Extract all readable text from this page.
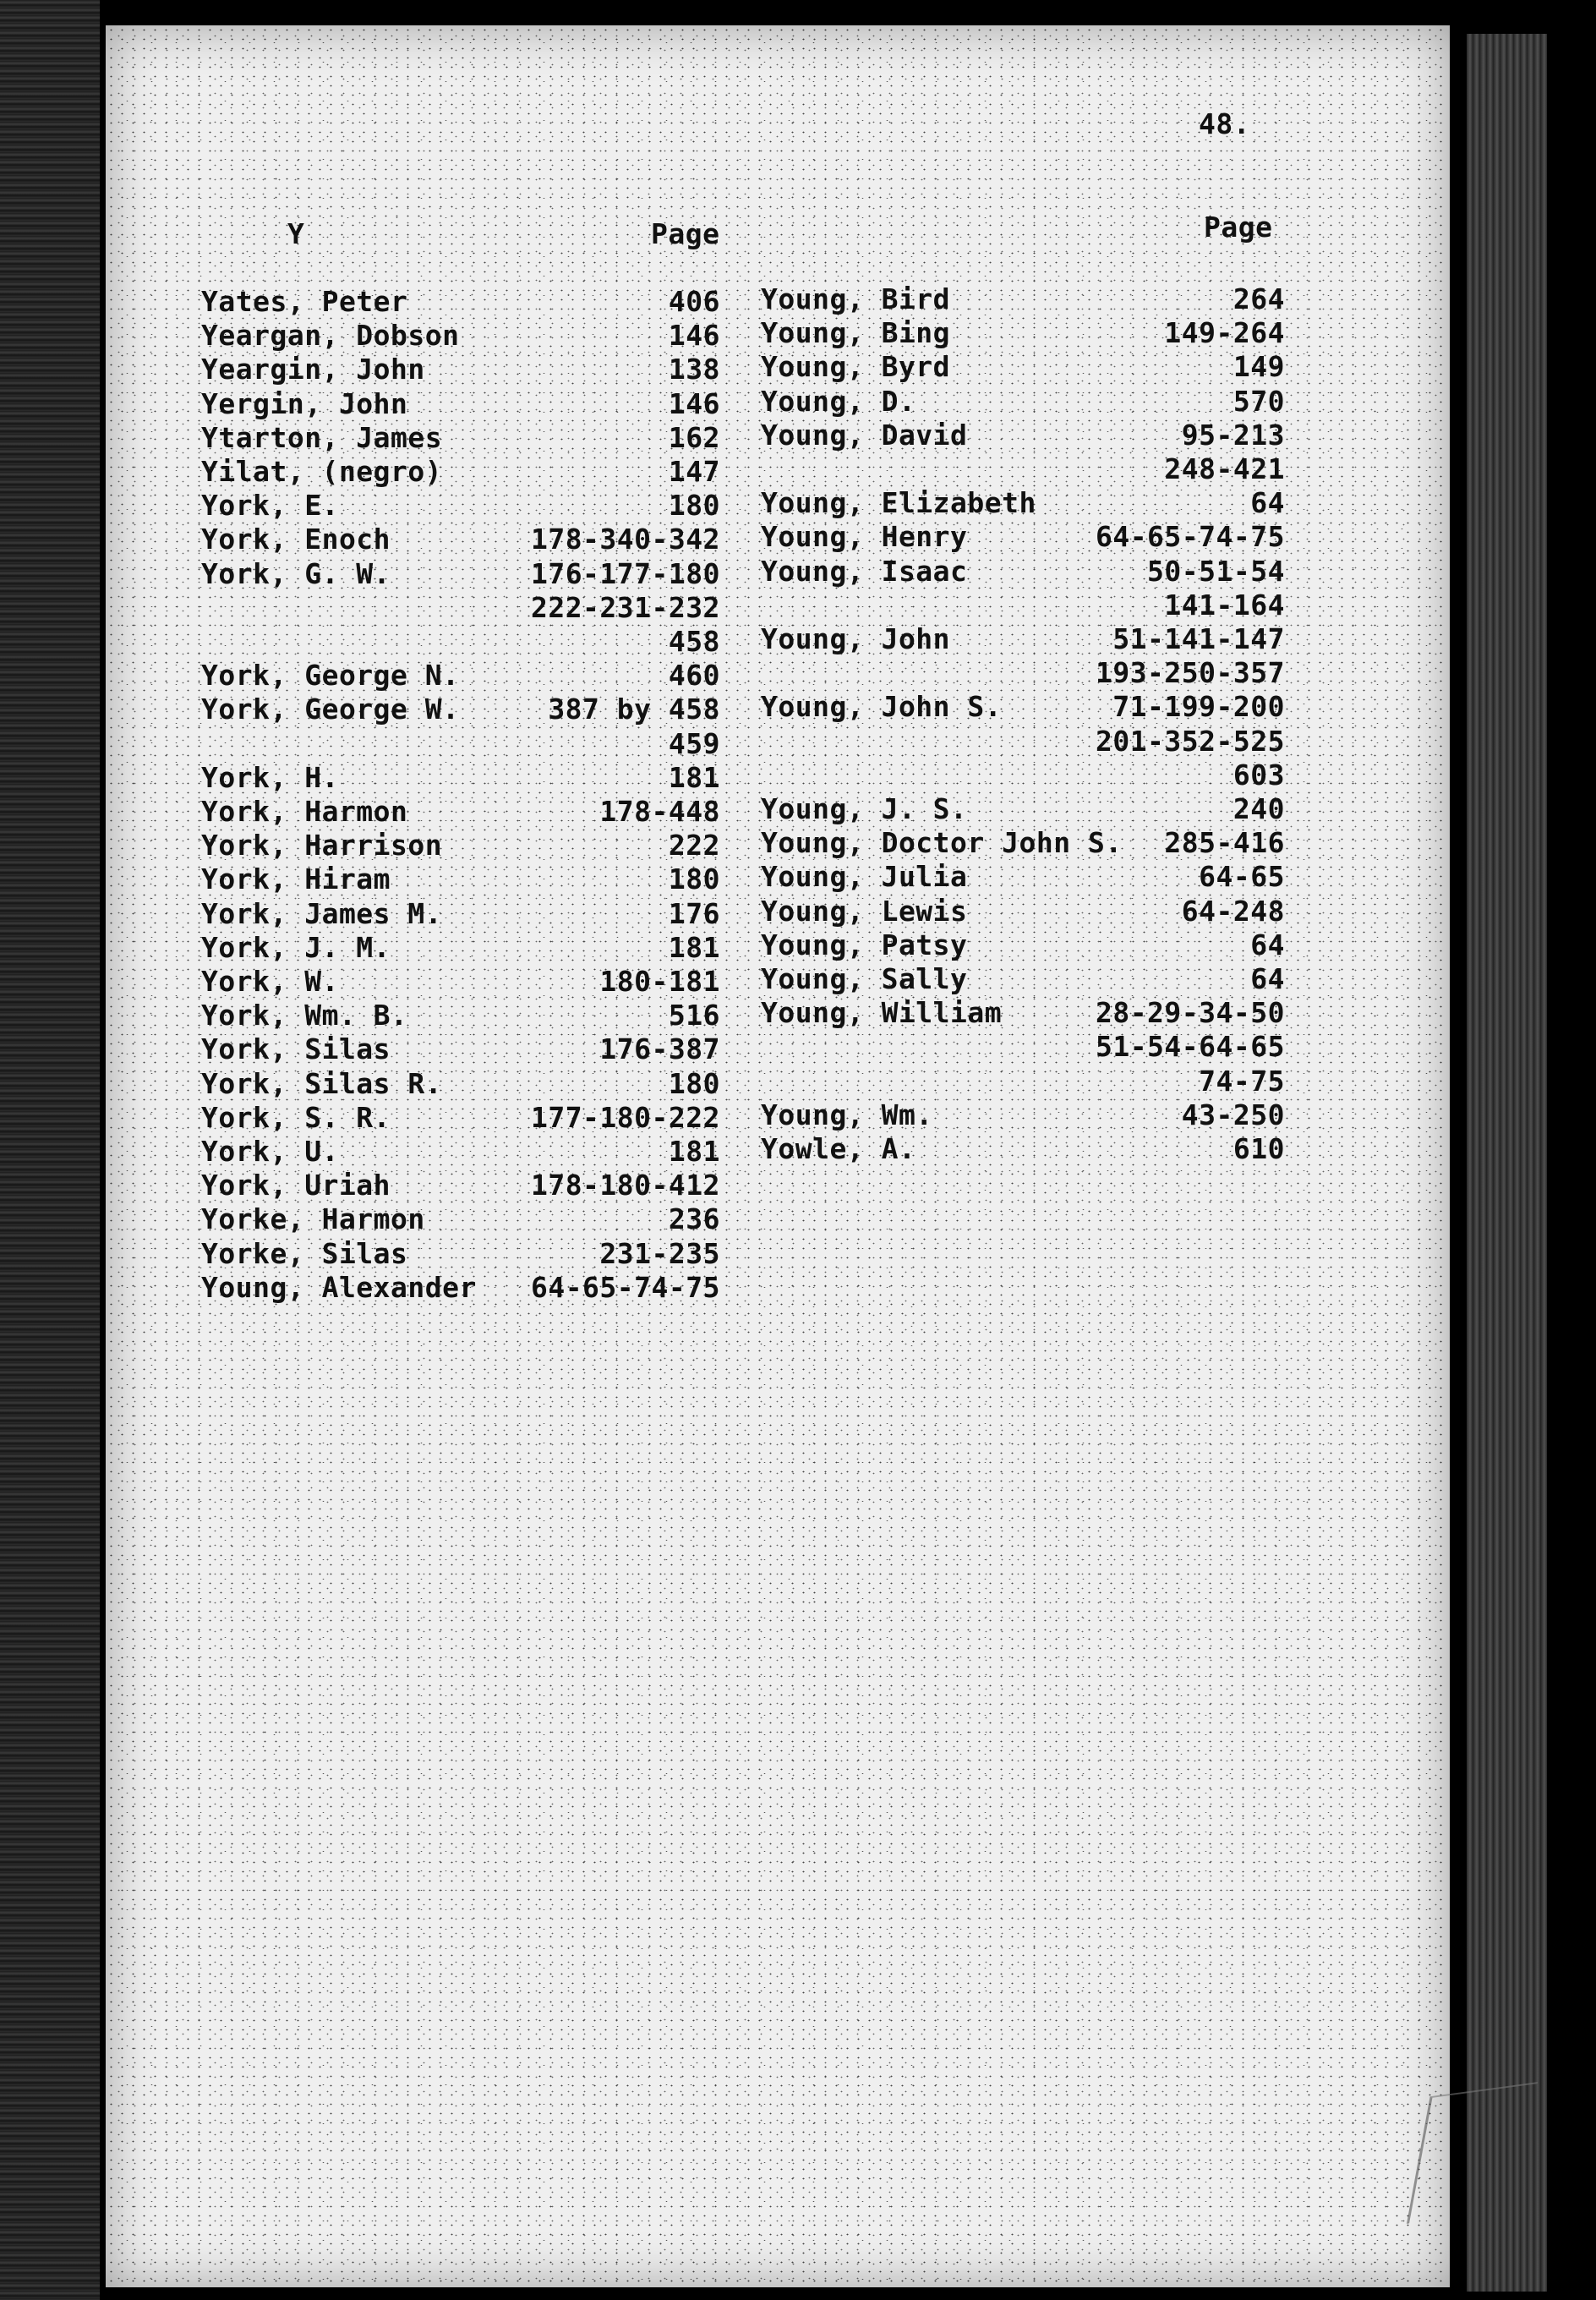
48.
Y	Page	Page
Yates, Peter	406
Yeargan, Dobson	146
Yeargin, John	138
Yergin, John	146
Ytarton, James	162
Yilat, (negro)	147
York, E.	180
York, Enoch	178-340-342
York, G. W.	176-177-180
222-231-232
458
York, George N.	460
York, George W.	387 by 458
459
York, H.	181
York, Harmon	178-448
York, Harrison	222
York, Hiram	180
York, James M.	176
York, J. M.	181
York, W.	180-181
York, Wm. B.	516
York, Silas	176-387
York, Silas R.	180
York, S. R.	177-180-222
York, U.	181
York, Uriah	178-180-412
Yorke, Harmon	236
Yorke, Silas	231-235
Young, Alexander 64-65-74-75
Young, Bird	264
Young, Bing	149-264
Young, Byrd	149
Young, D.	570
Young, David	95-213
248-421
Young, Elizabeth	64
Young, Henry	64-65-74-75
Young, Isaac	50-51-54
141-164
Young, John	51-141-147
193-250-357
Young, John S.	71-199-200
201-352-525
603
Young, J. S.	240
Young, Doctor John S. 285-416
Young, Julia	64-65
Young, Lewis	64-248
Young, Patsy	64
Young, Sally	64
Young, William	28-29-34-50
51-54-64-65
74-75
Young, Wm.	43-250
Yowle, A.	610
